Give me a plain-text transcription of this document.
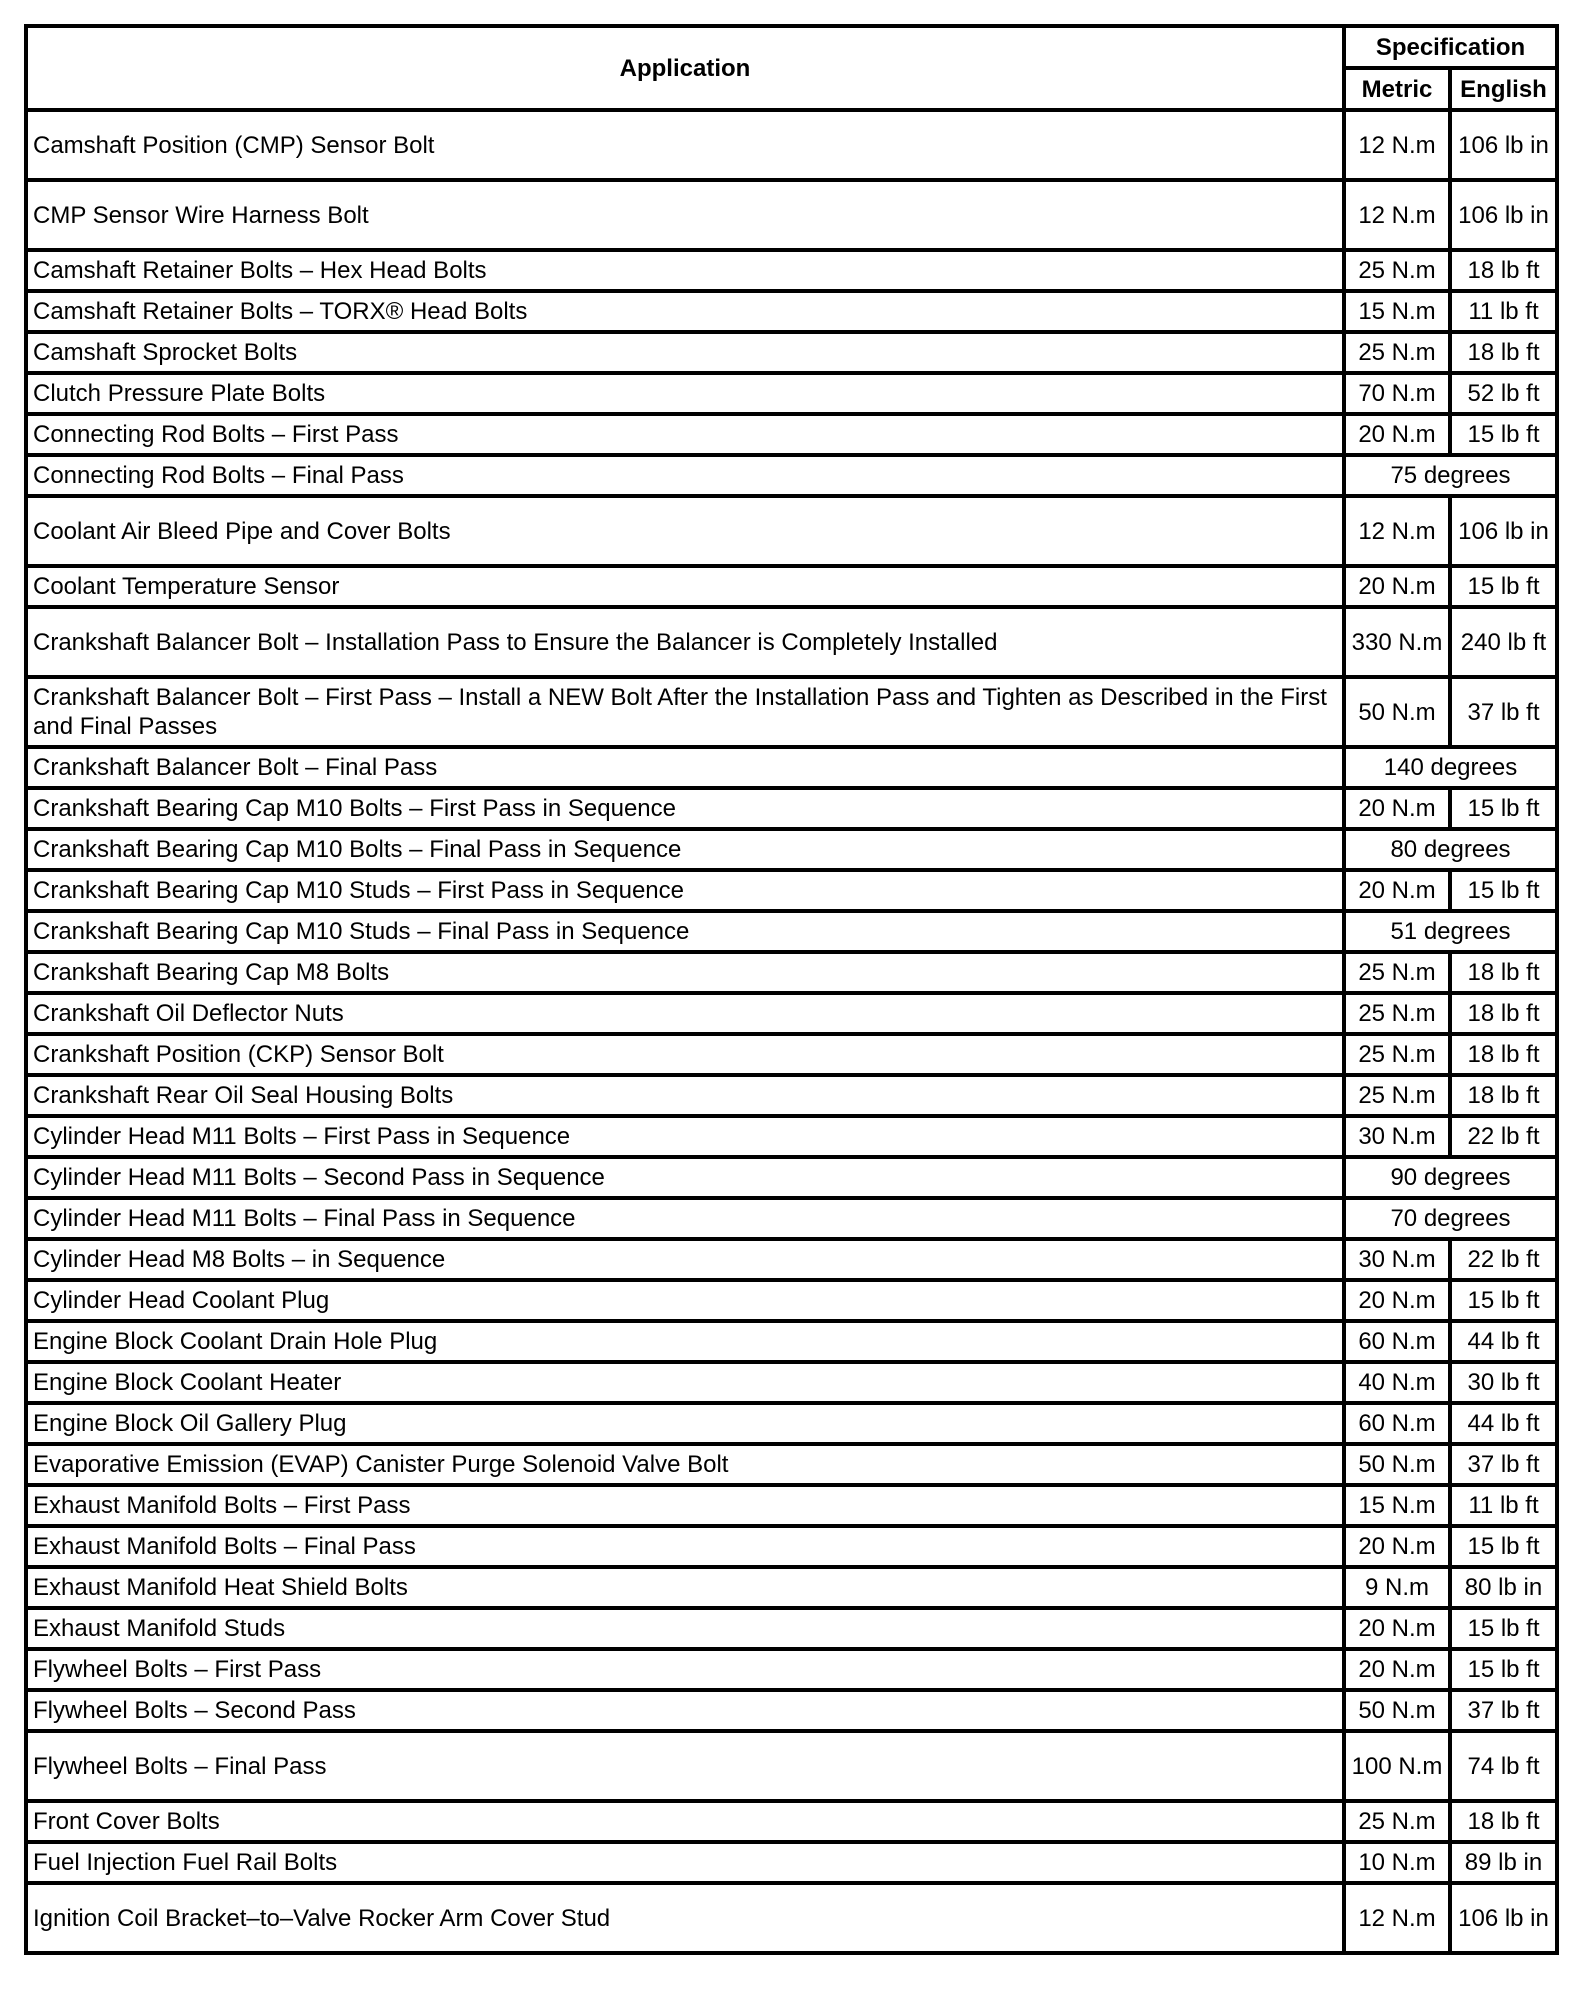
Application	Specification	
	Metric	English
Camshaft Position (CMP) Sensor Bolt	12 N.m	106 lb in
CMP Sensor Wire Harness Bolt	12 N.m	106 lb in
Camshaft Retainer Bolts – Hex Head Bolts	25 N.m	18 lb ft
Camshaft Retainer Bolts – TORX® Head Bolts	15 N.m	11 lb ft
Camshaft Sprocket Bolts	25 N.m	18 lb ft
Clutch Pressure Plate Bolts	70 N.m	52 lb ft
Connecting Rod Bolts – First Pass	20 N.m	15 lb ft
Connecting Rod Bolts – Final Pass	75 degrees	
Coolant Air Bleed Pipe and Cover Bolts	12 N.m	106 lb in
Coolant Temperature Sensor	20 N.m	15 lb ft
Crankshaft Balancer Bolt – Installation Pass to Ensure the Balancer is Completely Installed	330 N.m	240 lb ft
Crankshaft Balancer Bolt – First Pass – Install a NEW Bolt After the Installation Pass and Tighten as Described in the First and Final Passes	50 N.m	37 lb ft
Crankshaft Balancer Bolt – Final Pass	140 degrees	
Crankshaft Bearing Cap M10 Bolts – First Pass in Sequence	20 N.m	15 lb ft
Crankshaft Bearing Cap M10 Bolts – Final Pass in Sequence	80 degrees	
Crankshaft Bearing Cap M10 Studs – First Pass in Sequence	20 N.m	15 lb ft
Crankshaft Bearing Cap M10 Studs – Final Pass in Sequence	51 degrees	
Crankshaft Bearing Cap M8 Bolts	25 N.m	18 lb ft
Crankshaft Oil Deflector Nuts	25 N.m	18 lb ft
Crankshaft Position (CKP) Sensor Bolt	25 N.m	18 lb ft
Crankshaft Rear Oil Seal Housing Bolts	25 N.m	18 lb ft
Cylinder Head M11 Bolts – First Pass in Sequence	30 N.m	22 lb ft
Cylinder Head M11 Bolts – Second Pass in Sequence	90 degrees	
Cylinder Head M11 Bolts – Final Pass in Sequence	70 degrees	
Cylinder Head M8 Bolts – in Sequence	30 N.m	22 lb ft
Cylinder Head Coolant Plug	20 N.m	15 lb ft
Engine Block Coolant Drain Hole Plug	60 N.m	44 lb ft
Engine Block Coolant Heater	40 N.m	30 lb ft
Engine Block Oil Gallery Plug	60 N.m	44 lb ft
Evaporative Emission (EVAP) Canister Purge Solenoid Valve Bolt	50 N.m	37 lb ft
Exhaust Manifold Bolts – First Pass	15 N.m	11 lb ft
Exhaust Manifold Bolts – Final Pass	20 N.m	15 lb ft
Exhaust Manifold Heat Shield Bolts	9 N.m	80 lb in
Exhaust Manifold Studs	20 N.m	15 lb ft
Flywheel Bolts – First Pass	20 N.m	15 lb ft
Flywheel Bolts – Second Pass	50 N.m	37 lb ft
Flywheel Bolts – Final Pass	100 N.m	74 lb ft
Front Cover Bolts	25 N.m	18 lb ft
Fuel Injection Fuel Rail Bolts	10 N.m	89 lb in
Ignition Coil Bracket–to–Valve Rocker Arm Cover Stud	12 N.m	106 lb in
